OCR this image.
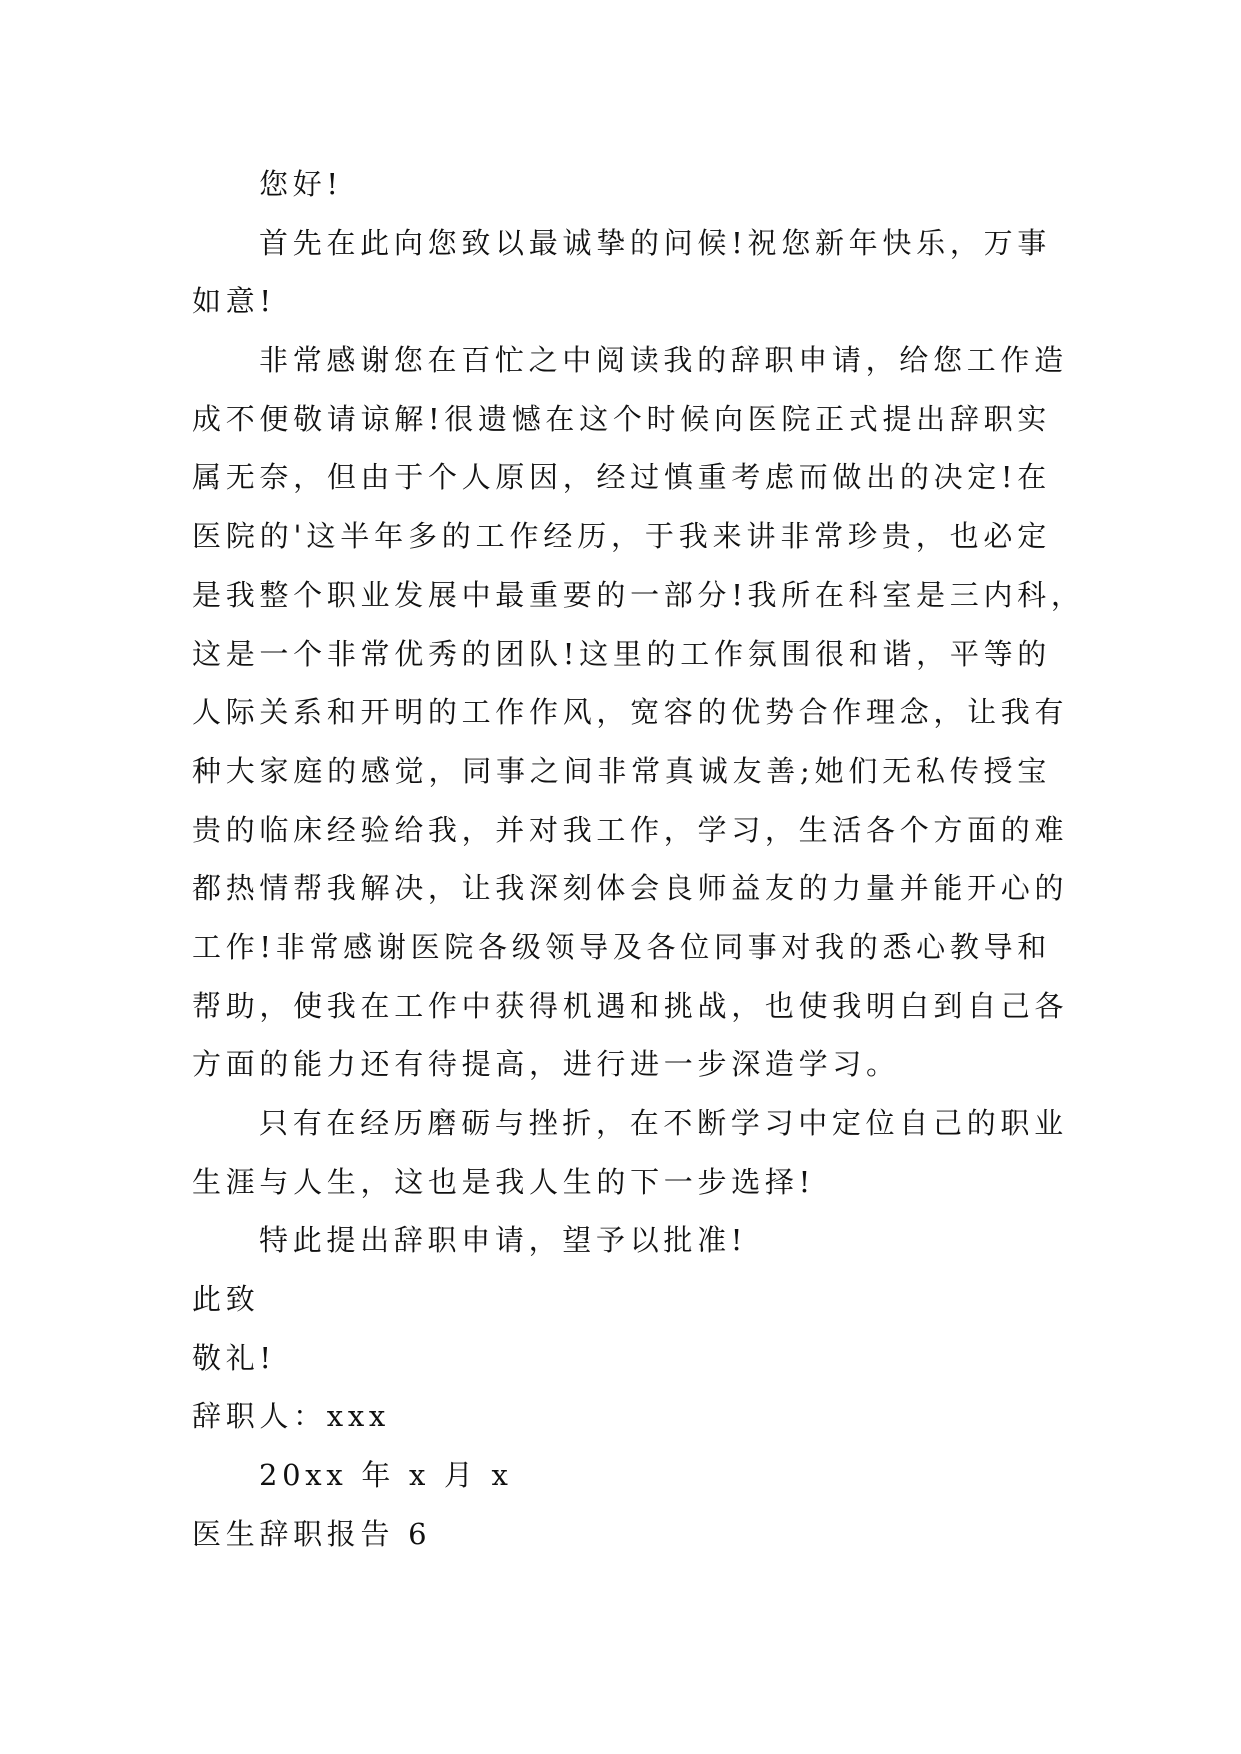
您好!
首先在此向您致以最诚挚的问候!祝您新年快乐，万事
如意!
非常感谢您在百忙之中阅读我的辞职申请，给您工作造
成不便敬请谅解!很遗憾在这个时候向医院正式提出辞职实
属无奈，但由于个人原因，经过慎重考虑而做出的决定!在
医院的'这半年多的工作经历，于我来讲非常珍贵，也必定
是我整个职业发展中最重要的一部分!我所在科室是三内科，
这是一个非常优秀的团队!这里的工作氛围很和谐，平等的
人际关系和开明的工作作风，宽容的优势合作理念，让我有
种大家庭的感觉，同事之间非常真诚友善;她们无私传授宝
贵的临床经验给我，并对我工作，学习，生活各个方面的难
都热情帮我解决，让我深刻体会良师益友的力量并能开心的
工作!非常感谢医院各级领导及各位同事对我的悉心教导和
帮助，使我在工作中获得机遇和挑战，也使我明白到自己各
方面的能力还有待提高，进行进一步深造学习。
只有在经历磨砺与挫折，在不断学习中定位自己的职业
生涯与人生，这也是我人生的下一步选择!
特此提出辞职申请，望予以批准!
此致
敬礼!
辞职人：xxx
20xx 年 x 月 x
医生辞职报告 6
